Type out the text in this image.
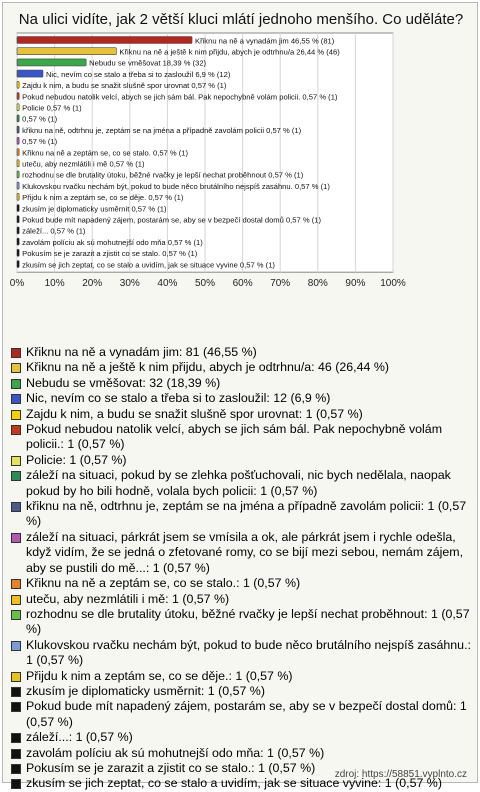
Na ulici vidíte, jak 2 větší kluci mlátí jednoho menšího. Co uděláte?
0% 10% 20% 30% 40% 50% 60% 70% 80% 90% 100%
Křiknu na ně a vynadám jim 46,55 % (81)
Křiknu na ně a ještě k nim přijdu, abych je odtrhnu/a 26,44 % (46)
Nebudu se vměšovat 18,39 % (32)
Nic, nevím co se stalo a třeba si to zasloužil 6,9 % (12)
Zajdu k nim, a budu se snažit slušně spor urovnat 0,57 % (1)
Pokud nebudou natolik velcí, abych se jich sám bál. Pak nepochybně volám policii. 0,57 % (1)
Policie 0,57 % (1)
0,57 % (1)
křiknu na ně, odtrhnu je, zeptám se na jména a případně zavolám policii 0,57 % (1)
0,57 % (1)
Křiknu na ně a zeptám se, co se stalo. 0,57 % (1)
uteču, aby nezmlátili i mě 0,57 % (1)
rozhodnu se dle brutality útoku, běžné rvačky je lepší nechat proběhnout 0,57 % (1)
Klukovskou rvačku nechám být, pokud to bude něco brutálního nejspíš zasáhnu. 0,57 % (1)
Přijdu k nim a zeptám se, co se děje. 0,57 % (1)
zkusím je diplomaticky usměrnit 0,57 % (1)
Pokud bude mít napadený zájem, postarám se, aby se v bezpečí dostal domů 0,57 % (1)
záleží... 0,57 % (1)
zavolám políciu ak sú mohutnejší odo mňa 0,57 % (1)
Pokusím se je zarazit a zjistit co se stalo. 0,57 % (1)
zkusím se jich zeptat, co se stalo a uvidím, jak se situace vyvine 0,57 % (1)
Křiknu na ně a vynadám jim: 81 (46,55 %)
Křiknu na ně a ještě k nim přijdu, abych je odtrhnu/a: 46 (26,44 %)
Nebudu se vměšovat: 32 (18,39 %)
Nic, nevím co se stalo a třeba si to zasloužil: 12 (6,9 %)
Zajdu k nim, a budu se snažit slušně spor urovnat: 1 (0,57 %)
Pokud nebudou natolik velcí, abych se jich sám bál. Pak nepochybně volám policii.: 1 (0,57 %)
Policie: 1 (0,57 %)
záleží na situaci, pokud by se zlehka pošťuchovali, nic bych nedělala, naopak pokud by ho bili hodně, volala bych policii: 1 (0,57 %)
křiknu na ně, odtrhnu je, zeptám se na jména a případně zavolám policii: 1 (0,57 %)
záleží na situaci, párkrát jsem se vmísila a ok, ale párkrát jsem i rychle odešla, když vidím, že se jedná o zfetované romy, co se bijí mezi sebou, nemám zájem, aby se pustili do mě...: 1 (0,57 %)
Křiknu na ně a zeptám se, co se stalo.: 1 (0,57 %)
uteču, aby nezmlátili i mě: 1 (0,57 %)
rozhodnu se dle brutality útoku, běžné rvačky je lepší nechat proběhnout: 1 (0,57 %)
Klukovskou rvačku nechám být, pokud to bude něco brutálního nejspíš zasáhnu.: 1 (0,57 %)
Přijdu k nim a zeptám se, co se děje.: 1 (0,57 %)
zkusím je diplomaticky usměrnit: 1 (0,57 %)
Pokud bude mít napadený zájem, postarám se, aby se v bezpečí dostal domů: 1 (0,57 %)
záleží...: 1 (0,57 %)
zavolám políciu ak sú mohutnejší odo mňa: 1 (0,57 %)
Pokusím se je zarazit a zjistit co se stalo.: 1 (0,57 %)
zkusím se jich zeptat, co se stalo a uvidím, jak se situace vyvine: 1 (0,57 %)
zdroj: https://58851.vyplnto.cz
